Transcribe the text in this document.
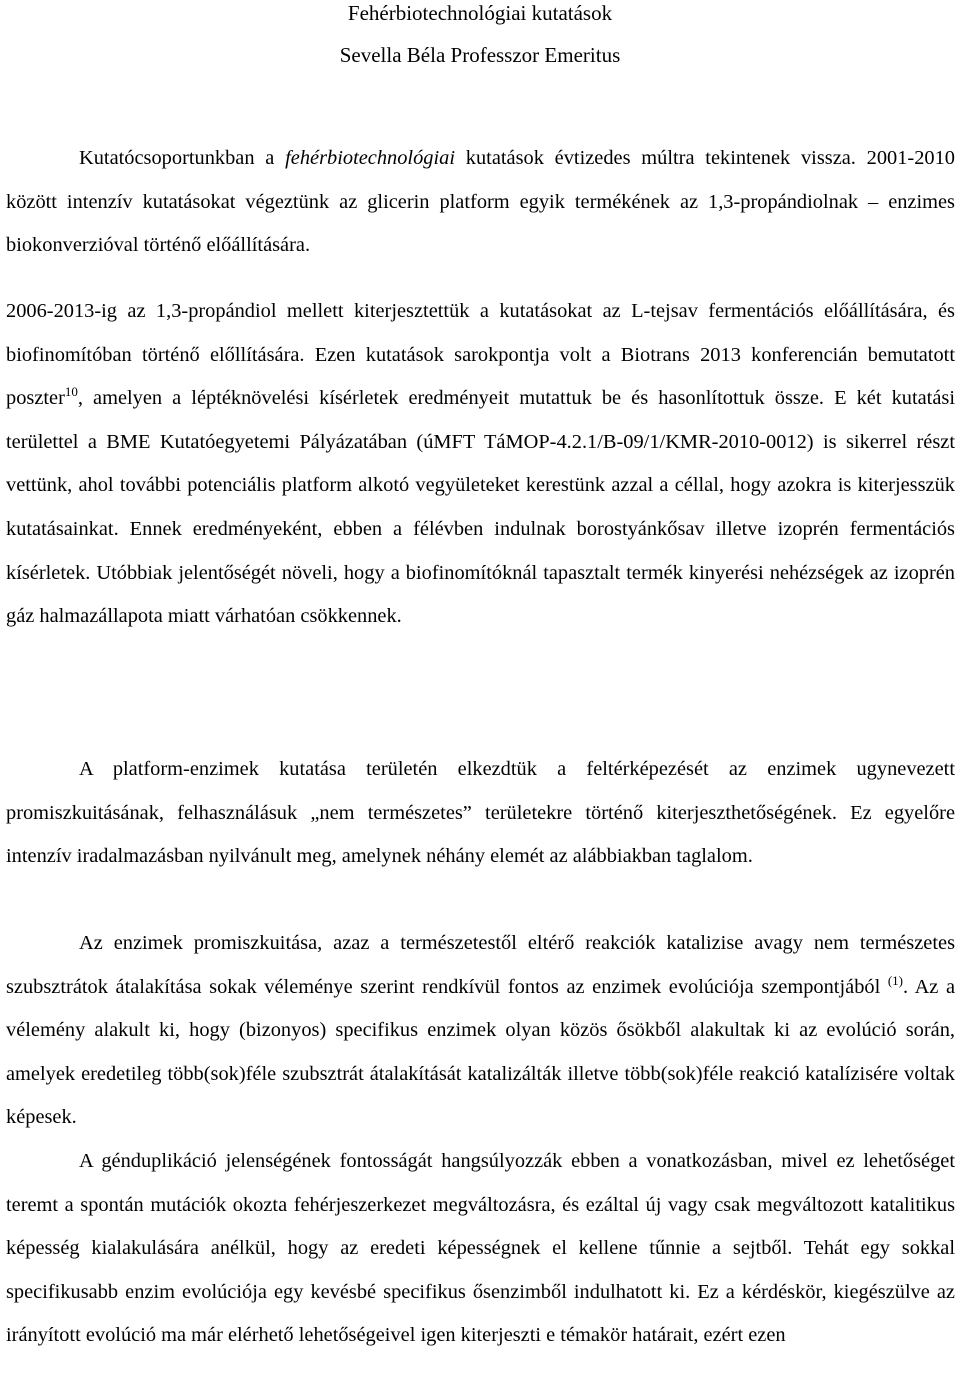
Fehérbiotechnológiai kutatások
Sevella Béla Professzor Emeritus

Kutatócsoportunkban a fehérbiotechnológiai kutatások évtizedes múltra tekintenek vissza. 2001-2010 között intenzív kutatásokat végeztünk az glicerin platform egyik termékének az 1,3-propándiolnak – enzimes biokonverzióval történő előállítására.

2006-2013-ig az 1,3-propándiol mellett kiterjesztettük a kutatásokat az L-tejsav fermentációs előállítására, és biofinomítóban történő előllítására. Ezen kutatások sarokpontja volt a Biotrans 2013 konferencián bemutatott poszter$^{10}$, amelyen a léptéknövelési kísérletek eredményeit mutattuk be és hasonlítottuk össze. E két kutatási területtel a BME Kutatóegyetemi Pályázatában (úMFT TáMOP-4.2.1/B-09/1/KMR-2010-0012) is sikerrel részt vettünk, ahol további potenciális platform alkotó vegyületeket kerestünk azzal a céllal, hogy azokra is kiterjesszük kutatásainkat. Ennek eredményeként, ebben a félévben indulnak borostyánkősav illetve izoprén fermentációs kísérletek. Utóbbiak jelentőségét növeli, hogy a biofinomítóknál tapasztalt termék kinyerési nehézségek az izoprén gáz halmazállapota miatt várhatóan csökkennek.

A platform-enzimek kutatása területén elkezdtük a feltérképezését az enzimek ugynevezett promiszkuitásának, felhasználásuk „nem természetes” területekre történő kiterjeszthetőségének. Ez egyelőre intenzív iradalmazásban nyilvánult meg, amelynek néhány elemét az alábbiakban taglalom.

Az enzimek promiszkuitása, azaz a természetestől eltérő reakciók katalizise avagy nem természetes szubsztrátok átalakítása sokak véleménye szerint rendkívül fontos az enzimek evolúciója szempontjából $^{(1)}$. Az a vélemény alakult ki, hogy (bizonyos) specifikus enzimek olyan közös ősökből alakultak ki az evolúció során, amelyek eredetileg több(sok)féle szubsztrát átalakítását katalizálták illetve több(sok)féle reakció katalízisére voltak képesek.

A génduplikáció jelenségének fontosságát hangsúlyozzák ebben a vonatkozásban, mivel ez lehetőséget teremt a spontán mutációk okozta fehérjeszerkezet megváltozásra, és ezáltal új vagy csak megváltozott katalitikus képesség kialakulására anélkül, hogy az eredeti képességnek el kellene tűnnie a sejtből. Tehát egy sokkal specifikusabb enzim evolúciója egy kevésbé specifikus ősenzimből indulhatott ki. Ez a kérdéskör, kiegészülve az irányított evolúció ma már elérhető lehetőségeivel igen kiterjeszti e témakör határait, ezért ezen
